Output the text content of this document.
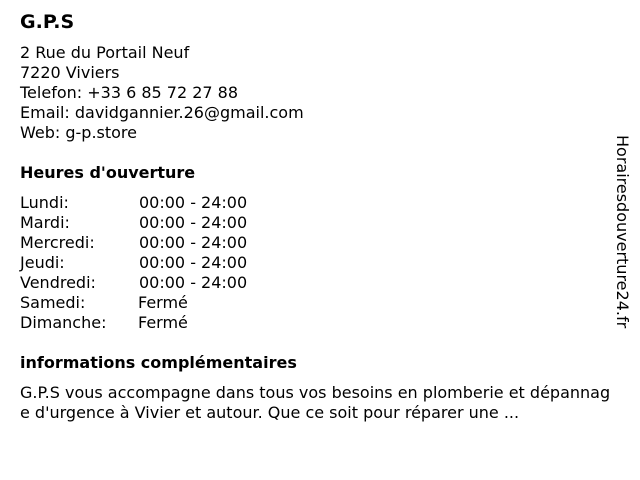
G.P.S
2 Rue du Portail Neuf
7220 Viviers
Telefon: +33 6 85 72 27 88
Email: davidgannier.26@gmail.com
Web: g-p.store
Heures d'ouverture
Lundi:	00:00 - 24:00
Mardi:	00:00 - 24:00
Mercredi:	00:00 - 24:00
Jeudi:	00:00 - 24:00
Vendredi:	00:00 - 24:00
Samedi:	Fermé
Dimanche:	Fermé
informations complémentaires
G.P.S vous accompagne dans tous vos besoins en plomberie et dépannage d'urgence à Vivier et autour. Que ce soit pour réparer une ...
Horairesdouverture24.fr
